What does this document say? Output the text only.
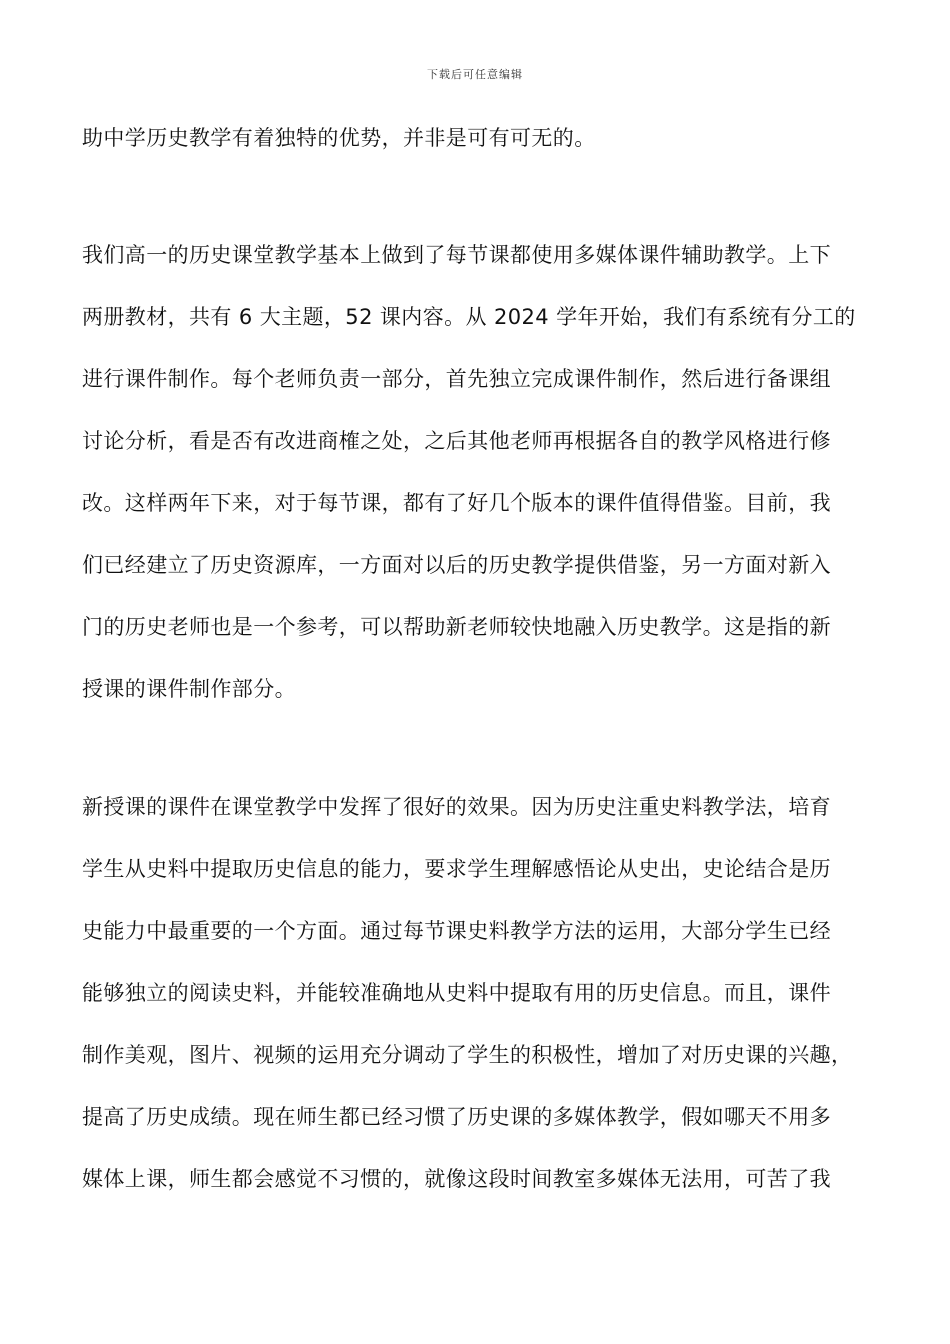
下载后可任意编辑
助中学历史教学有着独特的优势，并非是可有可无的。
我们高一的历史课堂教学基本上做到了每节课都使用多媒体课件辅助教学。上下
两册教材，共有 6 大主题，52 课内容。从 2024 学年开始，我们有系统有分工的
进行课件制作。每个老师负责一部分，首先独立完成课件制作，然后进行备课组
讨论分析，看是否有改进商榷之处，之后其他老师再根据各自的教学风格进行修
改。这样两年下来，对于每节课，都有了好几个版本的课件值得借鉴。目前，我
们已经建立了历史资源库，一方面对以后的历史教学提供借鉴，另一方面对新入
门的历史老师也是一个参考，可以帮助新老师较快地融入历史教学。这是指的新
授课的课件制作部分。
新授课的课件在课堂教学中发挥了很好的效果。因为历史注重史料教学法，培育
学生从史料中提取历史信息的能力，要求学生理解感悟论从史出，史论结合是历
史能力中最重要的一个方面。通过每节课史料教学方法的运用，大部分学生已经
能够独立的阅读史料，并能较准确地从史料中提取有用的历史信息。而且，课件
制作美观，图片、视频的运用充分调动了学生的积极性，增加了对历史课的兴趣，
提高了历史成绩。现在师生都已经习惯了历史课的多媒体教学，假如哪天不用多
媒体上课，师生都会感觉不习惯的，就像这段时间教室多媒体无法用，可苦了我
